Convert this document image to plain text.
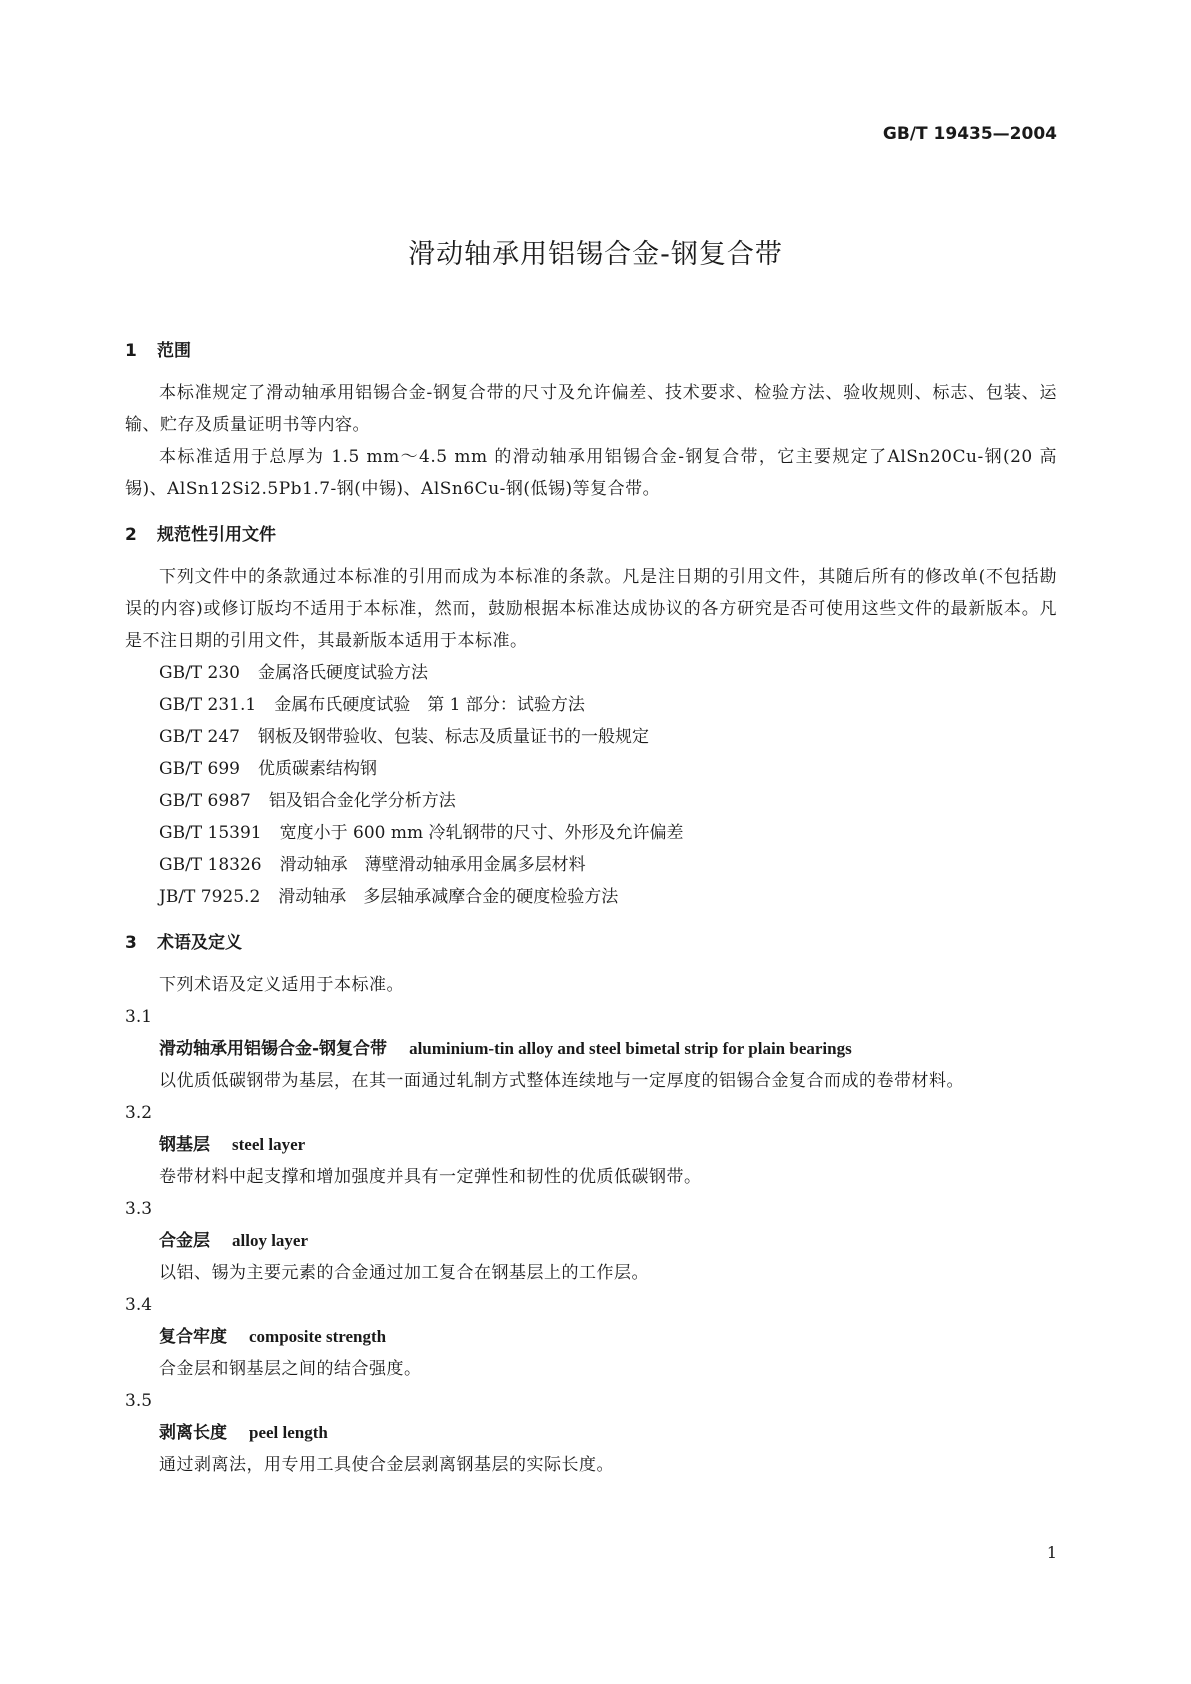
GB/T 19435—2004
滑动轴承用铝锡合金-钢复合带
1 范围
本标准规定了滑动轴承用铝锡合金-钢复合带的尺寸及允许偏差、技术要求、检验方法、验收规则、标志、包装、运输、贮存及质量证明书等内容。
本标准适用于总厚为 1.5 mm～4.5 mm 的滑动轴承用铝锡合金-钢复合带，它主要规定了AlSn20Cu-钢(20 高锡)、AlSn12Si2.5Pb1.7-钢(中锡)、AlSn6Cu-钢(低锡)等复合带。
2 规范性引用文件
下列文件中的条款通过本标准的引用而成为本标准的条款。凡是注日期的引用文件，其随后所有的修改单(不包括勘误的内容)或修订版均不适用于本标准，然而，鼓励根据本标准达成协议的各方研究是否可使用这些文件的最新版本。凡是不注日期的引用文件，其最新版本适用于本标准。
GB/T 230 金属洛氏硬度试验方法
GB/T 231.1 金属布氏硬度试验　第 1 部分：试验方法
GB/T 247 钢板及钢带验收、包装、标志及质量证书的一般规定
GB/T 699 优质碳素结构钢
GB/T 6987 铝及铝合金化学分析方法
GB/T 15391 宽度小于 600 mm 冷轧钢带的尺寸、外形及允许偏差
GB/T 18326 滑动轴承　薄壁滑动轴承用金属多层材料
JB/T 7925.2 滑动轴承　多层轴承减摩合金的硬度检验方法
3 术语及定义
下列术语及定义适用于本标准。
3.1
滑动轴承用铝锡合金-钢复合带 aluminium-tin alloy and steel bimetal strip for plain bearings
以优质低碳钢带为基层，在其一面通过轧制方式整体连续地与一定厚度的铝锡合金复合而成的卷带材料。
3.2
钢基层 steel layer
卷带材料中起支撑和增加强度并具有一定弹性和韧性的优质低碳钢带。
3.3
合金层 alloy layer
以铝、锡为主要元素的合金通过加工复合在钢基层上的工作层。
3.4
复合牢度 composite strength
合金层和钢基层之间的结合强度。
3.5
剥离长度 peel length
通过剥离法，用专用工具使合金层剥离钢基层的实际长度。
1
